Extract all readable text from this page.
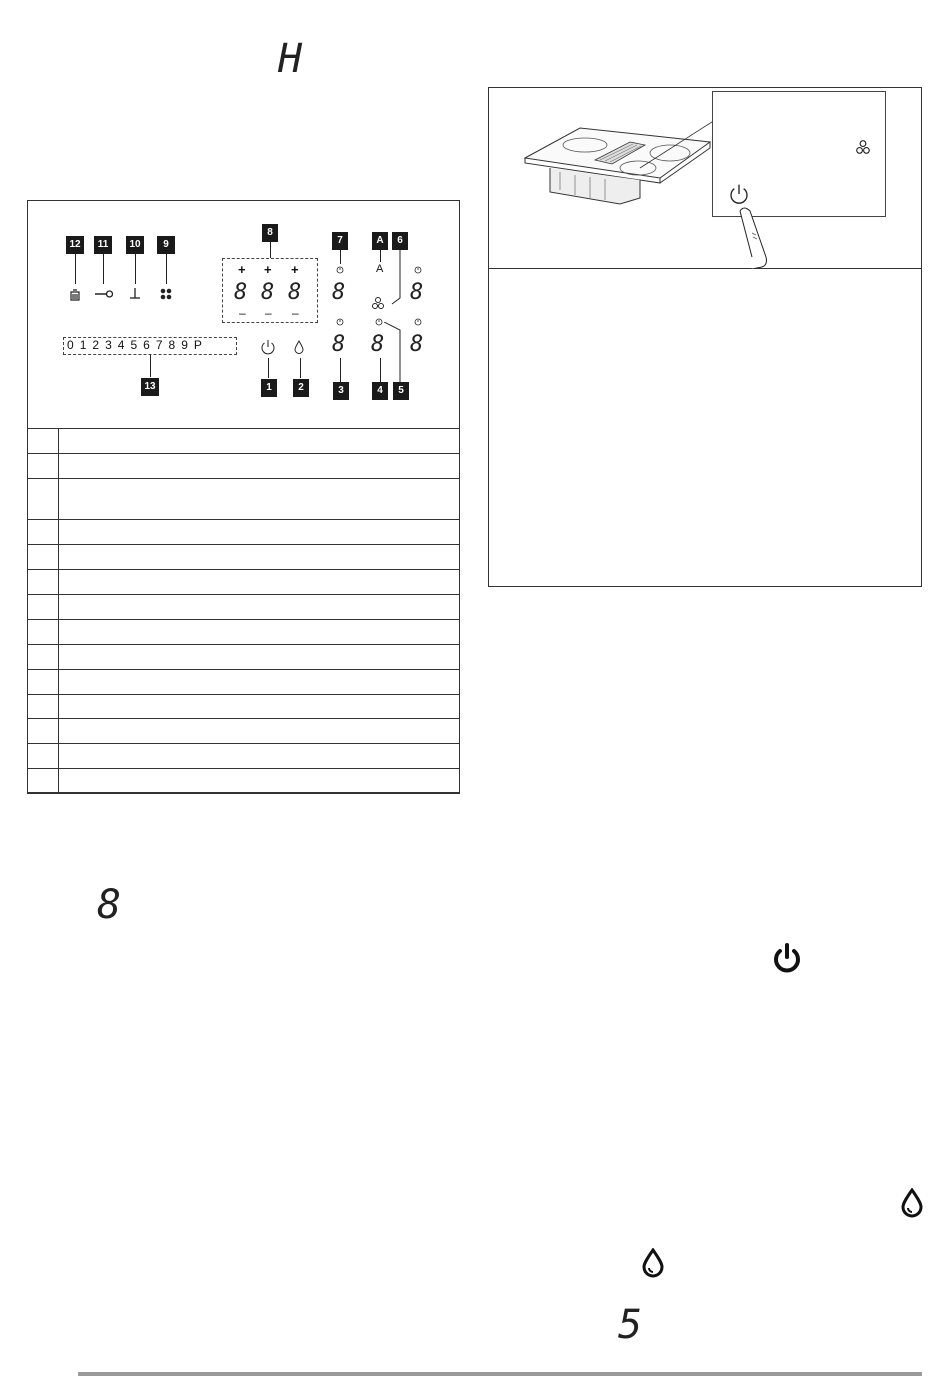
H
12	11	10	9
8
+ + +
8 8 8
– – –
7
8
8
A	6
A
8
8 8
0 1 2 3 4 5 6 7 8 9 P
13	1	2	3	4	5

8
5
